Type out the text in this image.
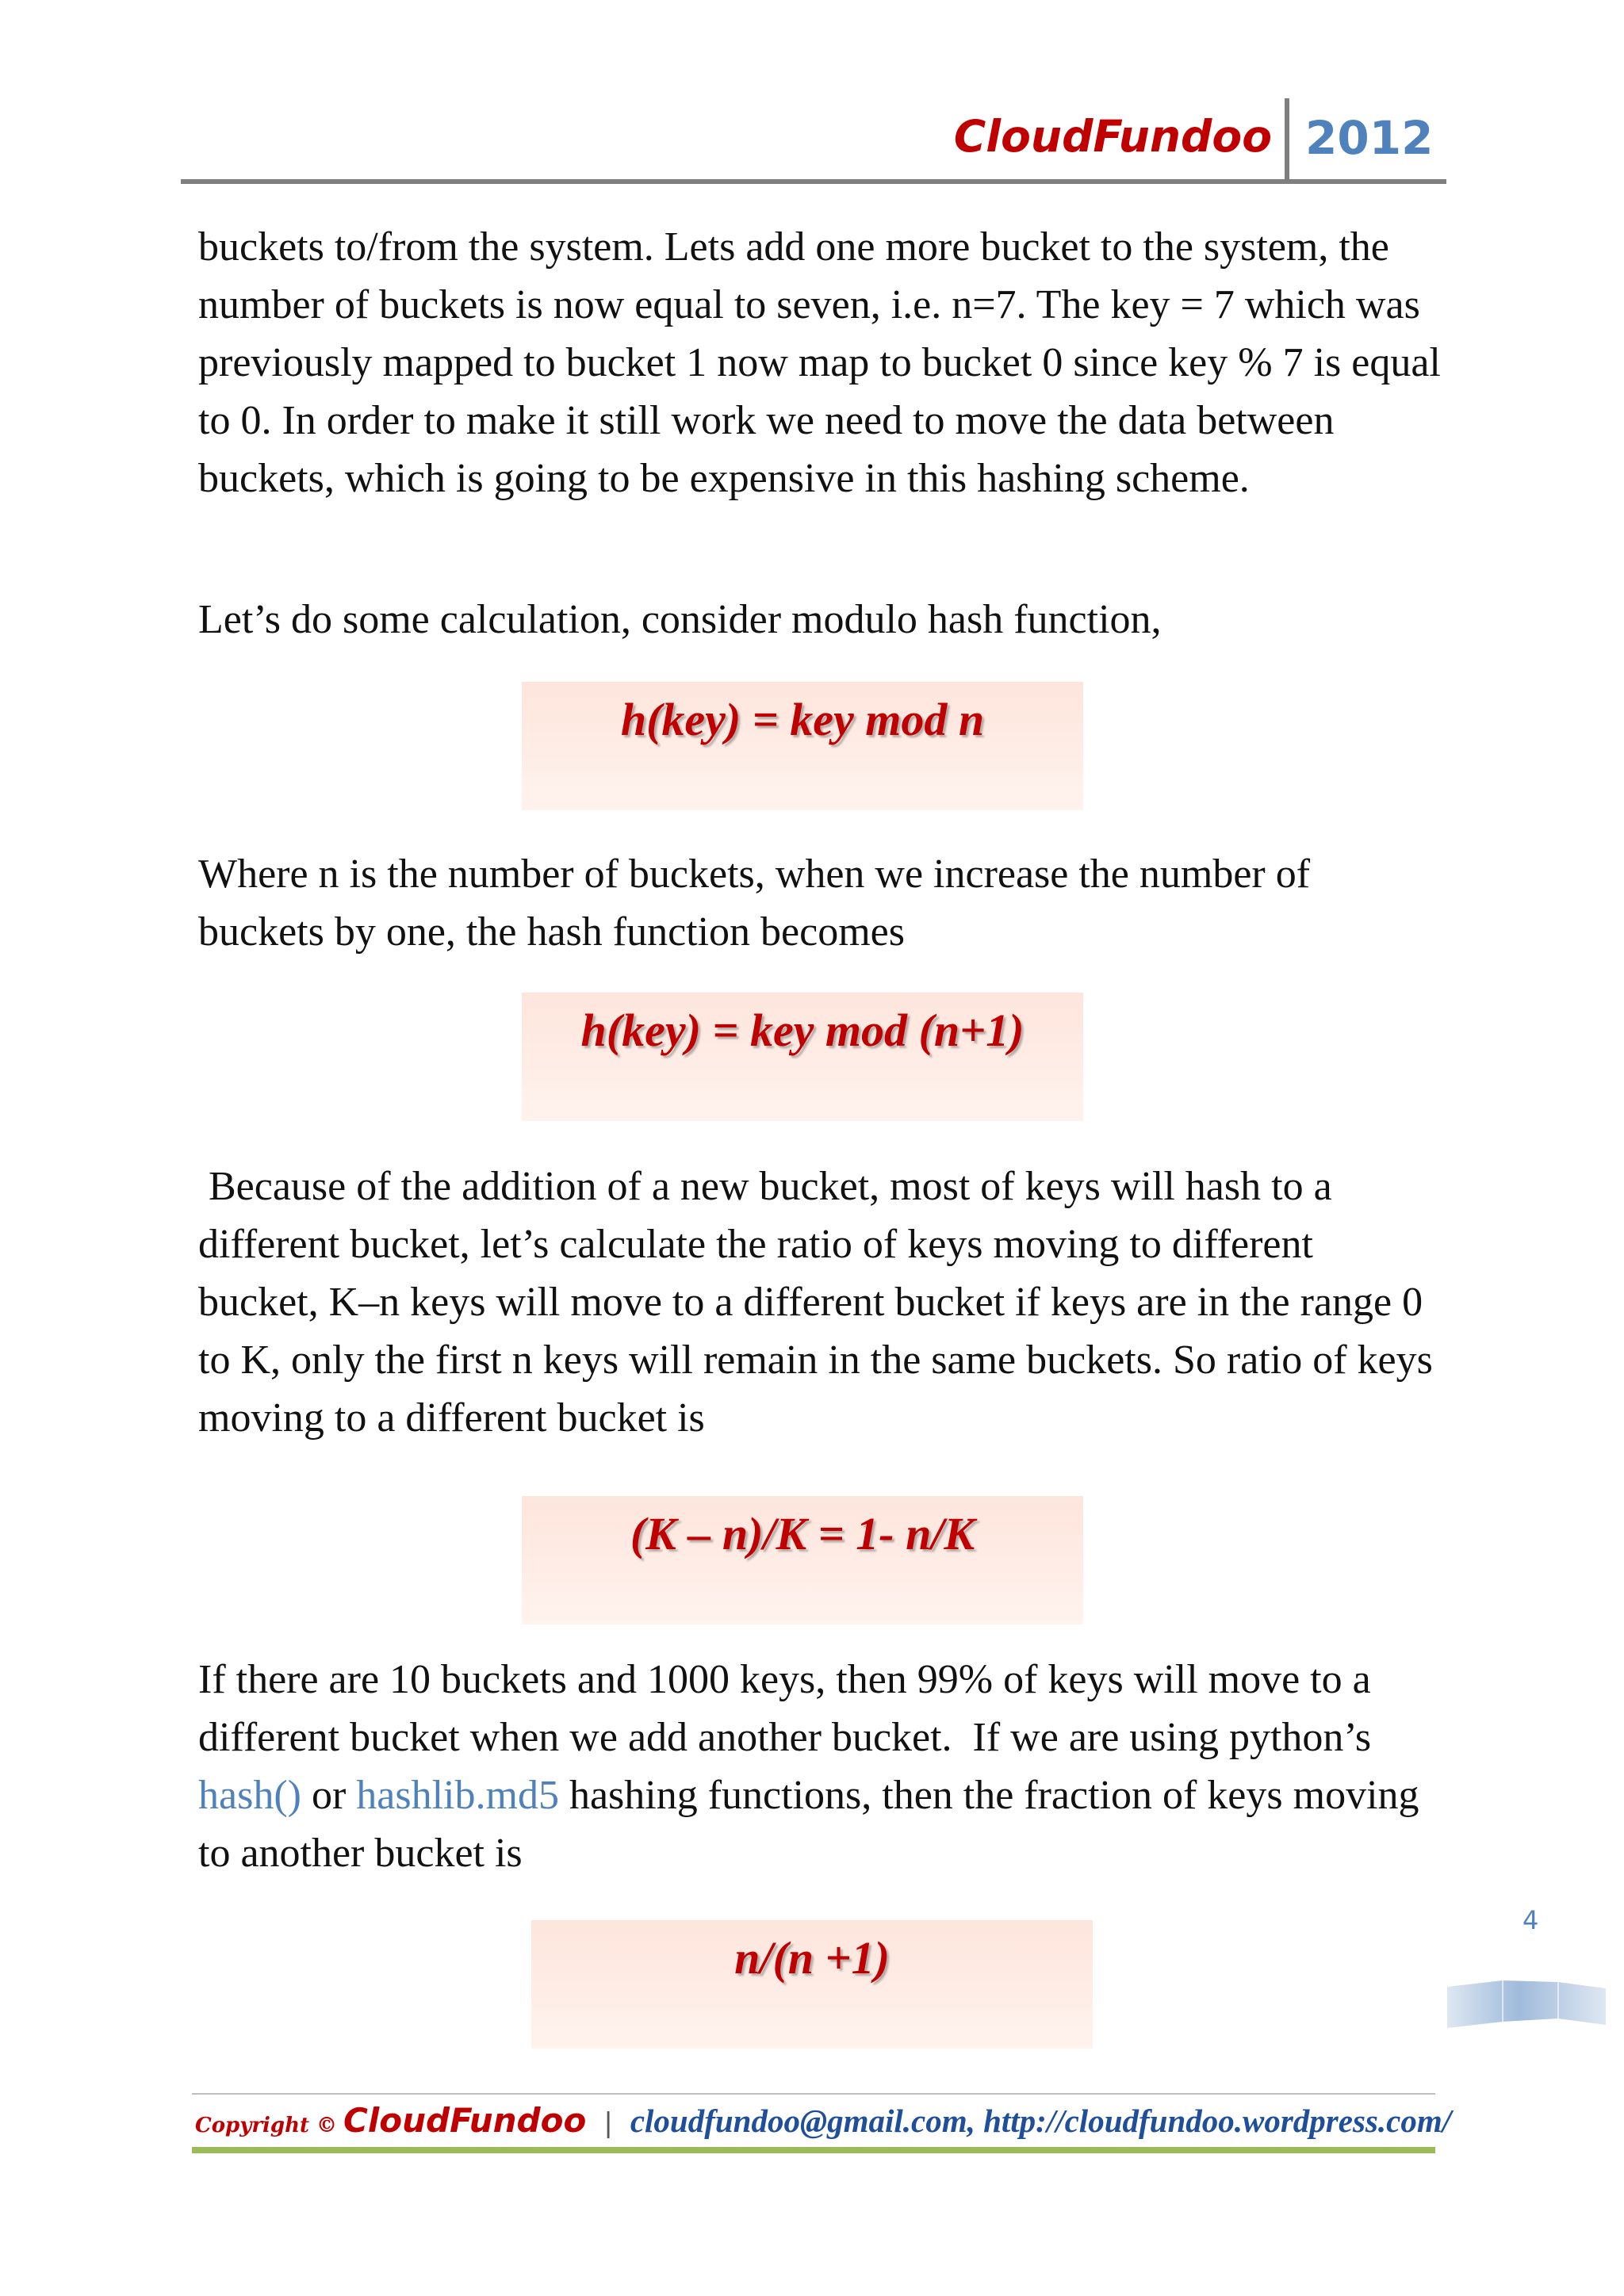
CloudFundoo 2012

buckets to/from the system. Lets add one more bucket to the system, the number of buckets is now equal to seven, i.e. n=7. The key = 7 which was previously mapped to bucket 1 now map to bucket 0 since key % 7 is equal to 0. In order to make it still work we need to move the data between buckets, which is going to be expensive in this hashing scheme.

Let’s do some calculation, consider modulo hash function,

h(key) = key mod n

Where n is the number of buckets, when we increase the number of buckets by one, the hash function becomes

h(key) = key mod (n+1)

Because of the addition of a new bucket, most of keys will hash to a different bucket, let’s calculate the ratio of keys moving to different bucket, K–n keys will move to a different bucket if keys are in the range 0 to K, only the first n keys will remain in the same buckets. So ratio of keys moving to a different bucket is

(K – n)/K = 1- n/K

If there are 10 buckets and 1000 keys, then 99% of keys will move to a different bucket when we add another bucket.  If we are using python’s hash() or hashlib.md5 hashing functions, then the fraction of keys moving to another bucket is

n/(n +1)
4
Copyright © CloudFundoo | cloudfundoo@gmail.com, http://cloudfundoo.wordpress.com/
